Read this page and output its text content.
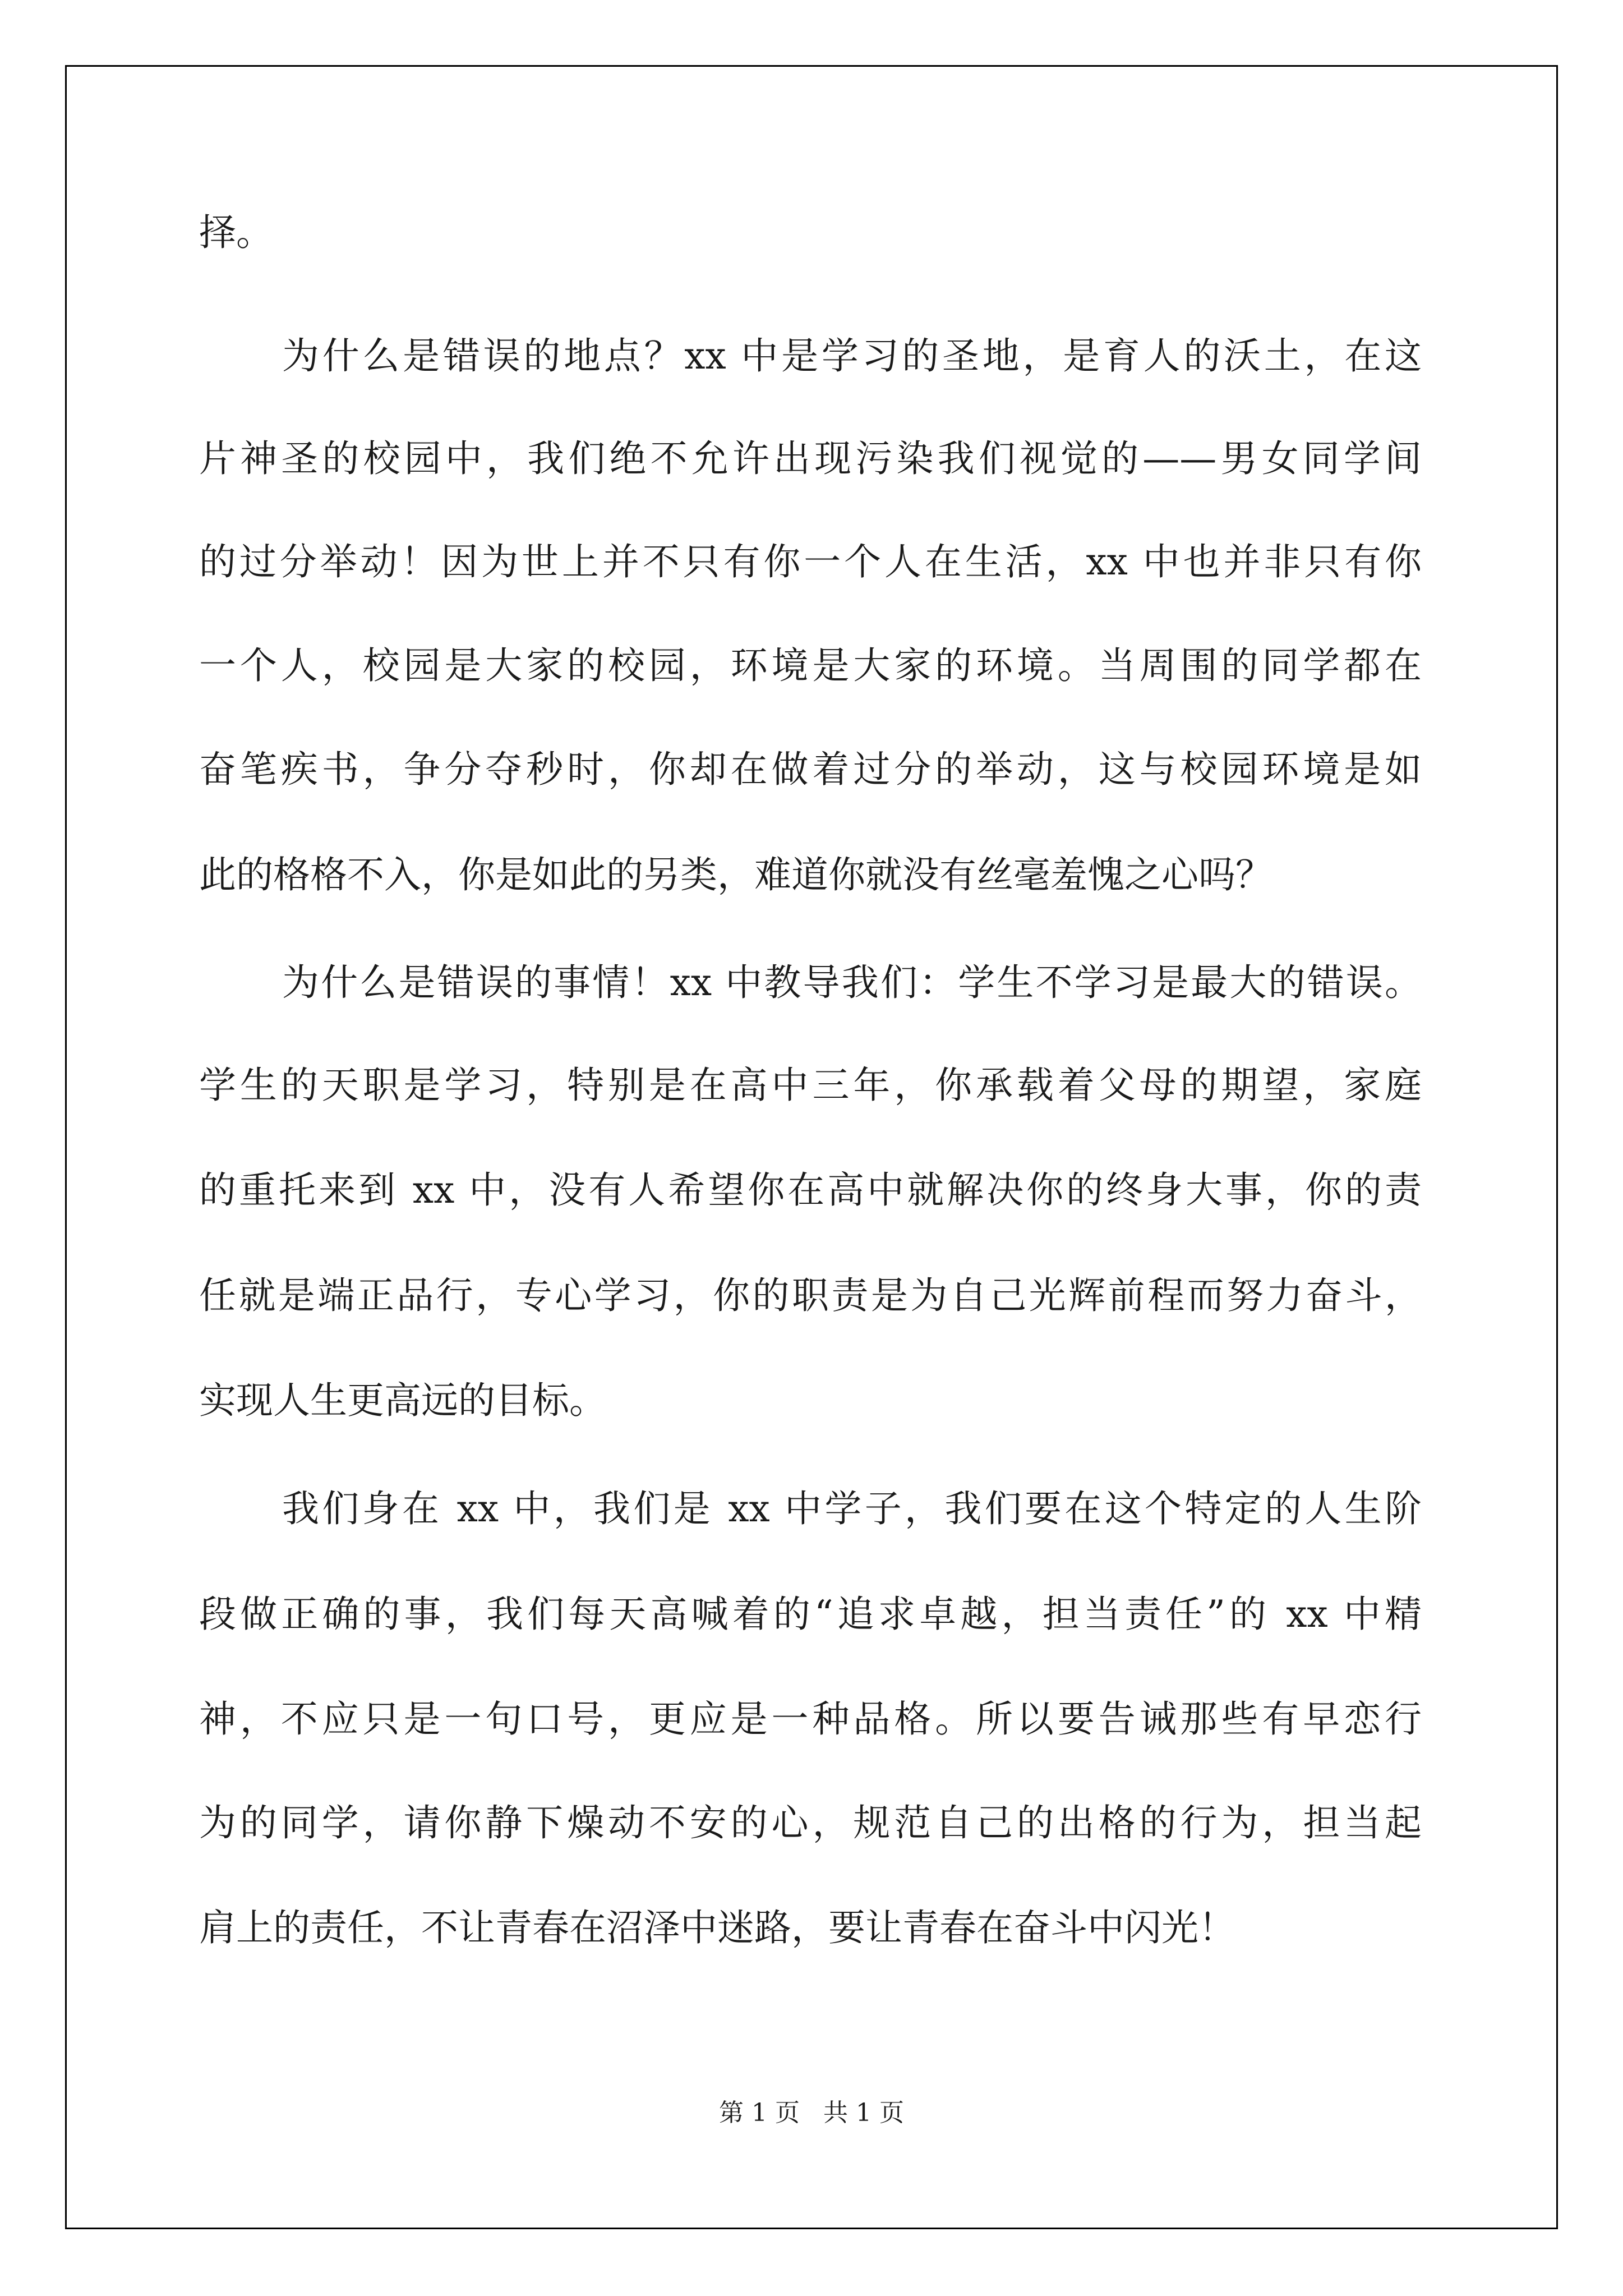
择。
为什么是错误的地点？xx 中是学习的圣地，是育人的沃土，在这
片神圣的校园中，我们绝不允许出现污染我们视觉的——男女同学间
的过分举动！因为世上并不只有你一个人在生活，xx 中也并非只有你
一个人，校园是大家的校园，环境是大家的环境。当周围的同学都在
奋笔疾书，争分夺秒时，你却在做着过分的举动，这与校园环境是如
此的格格不入，你是如此的另类，难道你就没有丝毫羞愧之心吗？
为什么是错误的事情！xx 中教导我们：学生不学习是最大的错误。
学生的天职是学习，特别是在高中三年，你承载着父母的期望，家庭
的重托来到 xx 中，没有人希望你在高中就解决你的终身大事，你的责
任就是端正品行，专心学习，你的职责是为自己光辉前程而努力奋斗，
实现人生更高远的目标。
我们身在 xx 中，我们是 xx 中学子，我们要在这个特定的人生阶
段做正确的事，我们每天高喊着的“追求卓越，担当责任”的 xx 中精
神，不应只是一句口号，更应是一种品格。所以要告诫那些有早恋行
为的同学，请你静下燥动不安的心，规范自己的出格的行为，担当起
肩上的责任，不让青春在沼泽中迷路，要让青春在奋斗中闪光！
第 1 页   共 1 页
